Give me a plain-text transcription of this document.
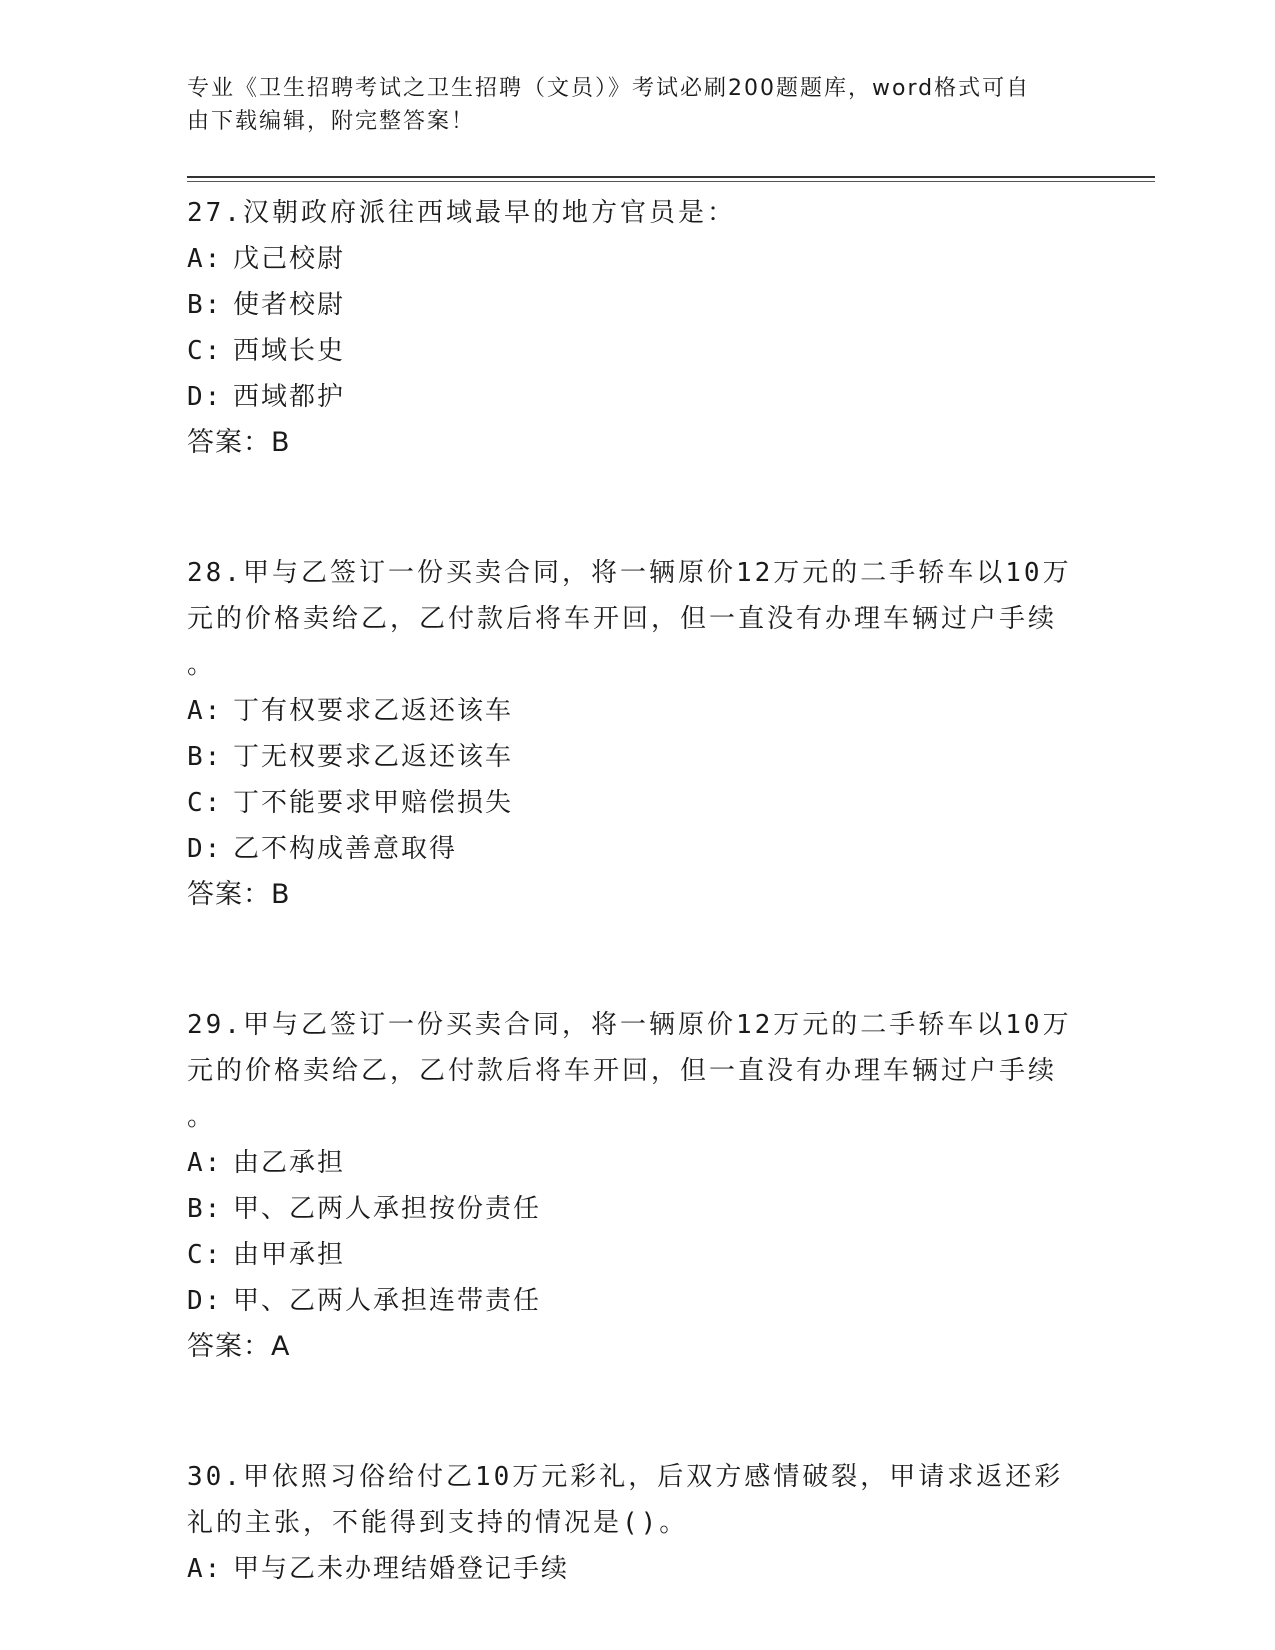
专业《卫生招聘考试之卫生招聘（文员）》考试必刷200题题库，word格式可自
由下载编辑，附完整答案！
27.汉朝政府派往西域最早的地方官员是：
A: 戊己校尉
B: 使者校尉
C: 西域长史
D: 西域都护
答案：B
28.甲与乙签订一份买卖合同，将一辆原价12万元的二手轿车以10万
元的价格卖给乙，乙付款后将车开回，但一直没有办理车辆过户手续
。
A: 丁有权要求乙返还该车
B: 丁无权要求乙返还该车
C: 丁不能要求甲赔偿损失
D: 乙不构成善意取得
答案：B
29.甲与乙签订一份买卖合同，将一辆原价12万元的二手轿车以10万
元的价格卖给乙，乙付款后将车开回，但一直没有办理车辆过户手续
。
A: 由乙承担
B: 甲、乙两人承担按份责任
C: 由甲承担
D: 甲、乙两人承担连带责任
答案：A
30.甲依照习俗给付乙10万元彩礼，后双方感情破裂，甲请求返还彩
礼的主张，不能得到支持的情况是()。
A: 甲与乙未办理结婚登记手续
